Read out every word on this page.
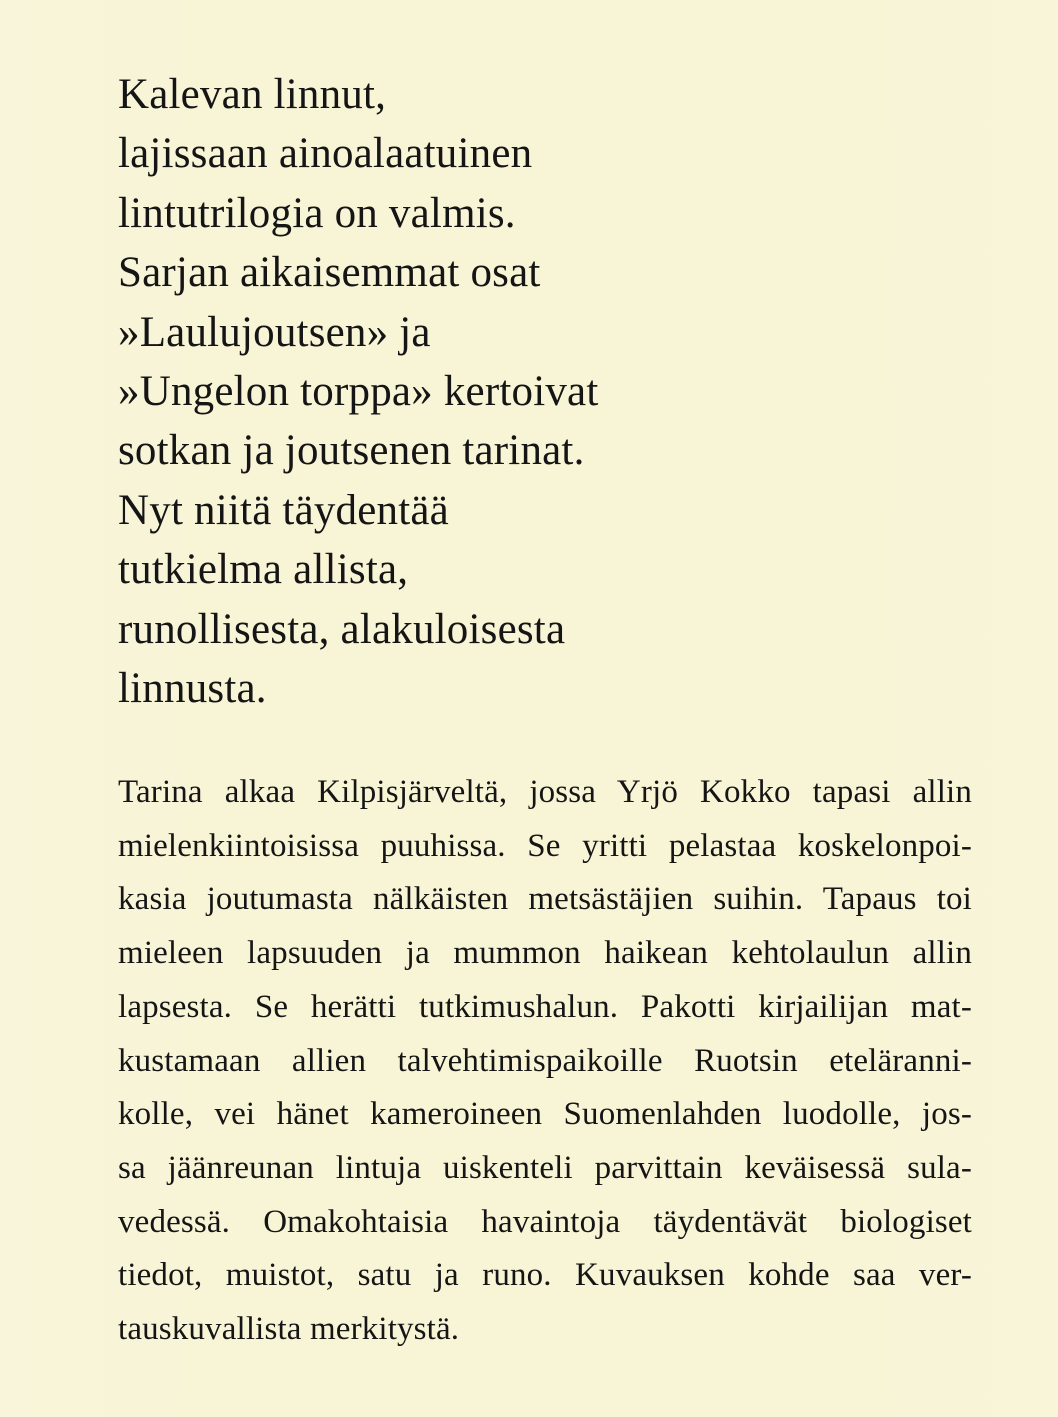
Kalevan linnut,
lajissaan ainoalaatuinen
lintutrilogia on valmis.
Sarjan aikaisemmat osat
»Laulujoutsen» ja
»Ungelon torppa» kertoivat
sotkan ja joutsenen tarinat.
Nyt niitä täydentää
tutkielma allista,
runollisesta, alakuloisesta
linnusta.
Tarina alkaa Kilpisjärveltä, jossa Yrjö Kokko tapasi allin
mielenkiintoisissa puuhissa. Se yritti pelastaa koskelonpoi-
kasia joutumasta nälkäisten metsästäjien suihin. Tapaus toi
mieleen lapsuuden ja mummon haikean kehtolaulun allin
lapsesta. Se herätti tutkimushalun. Pakotti kirjailijan mat-
kustamaan allien talvehtimispaikoille Ruotsin eteläranni-
kolle, vei hänet kameroineen Suomenlahden luodolle, jos-
sa jäänreunan lintuja uiskenteli parvittain keväisessä sula-
vedessä. Omakohtaisia havaintoja täydentävät biologiset
tiedot, muistot, satu ja runo. Kuvauksen kohde saa ver-
tauskuvallista merkitystä.
